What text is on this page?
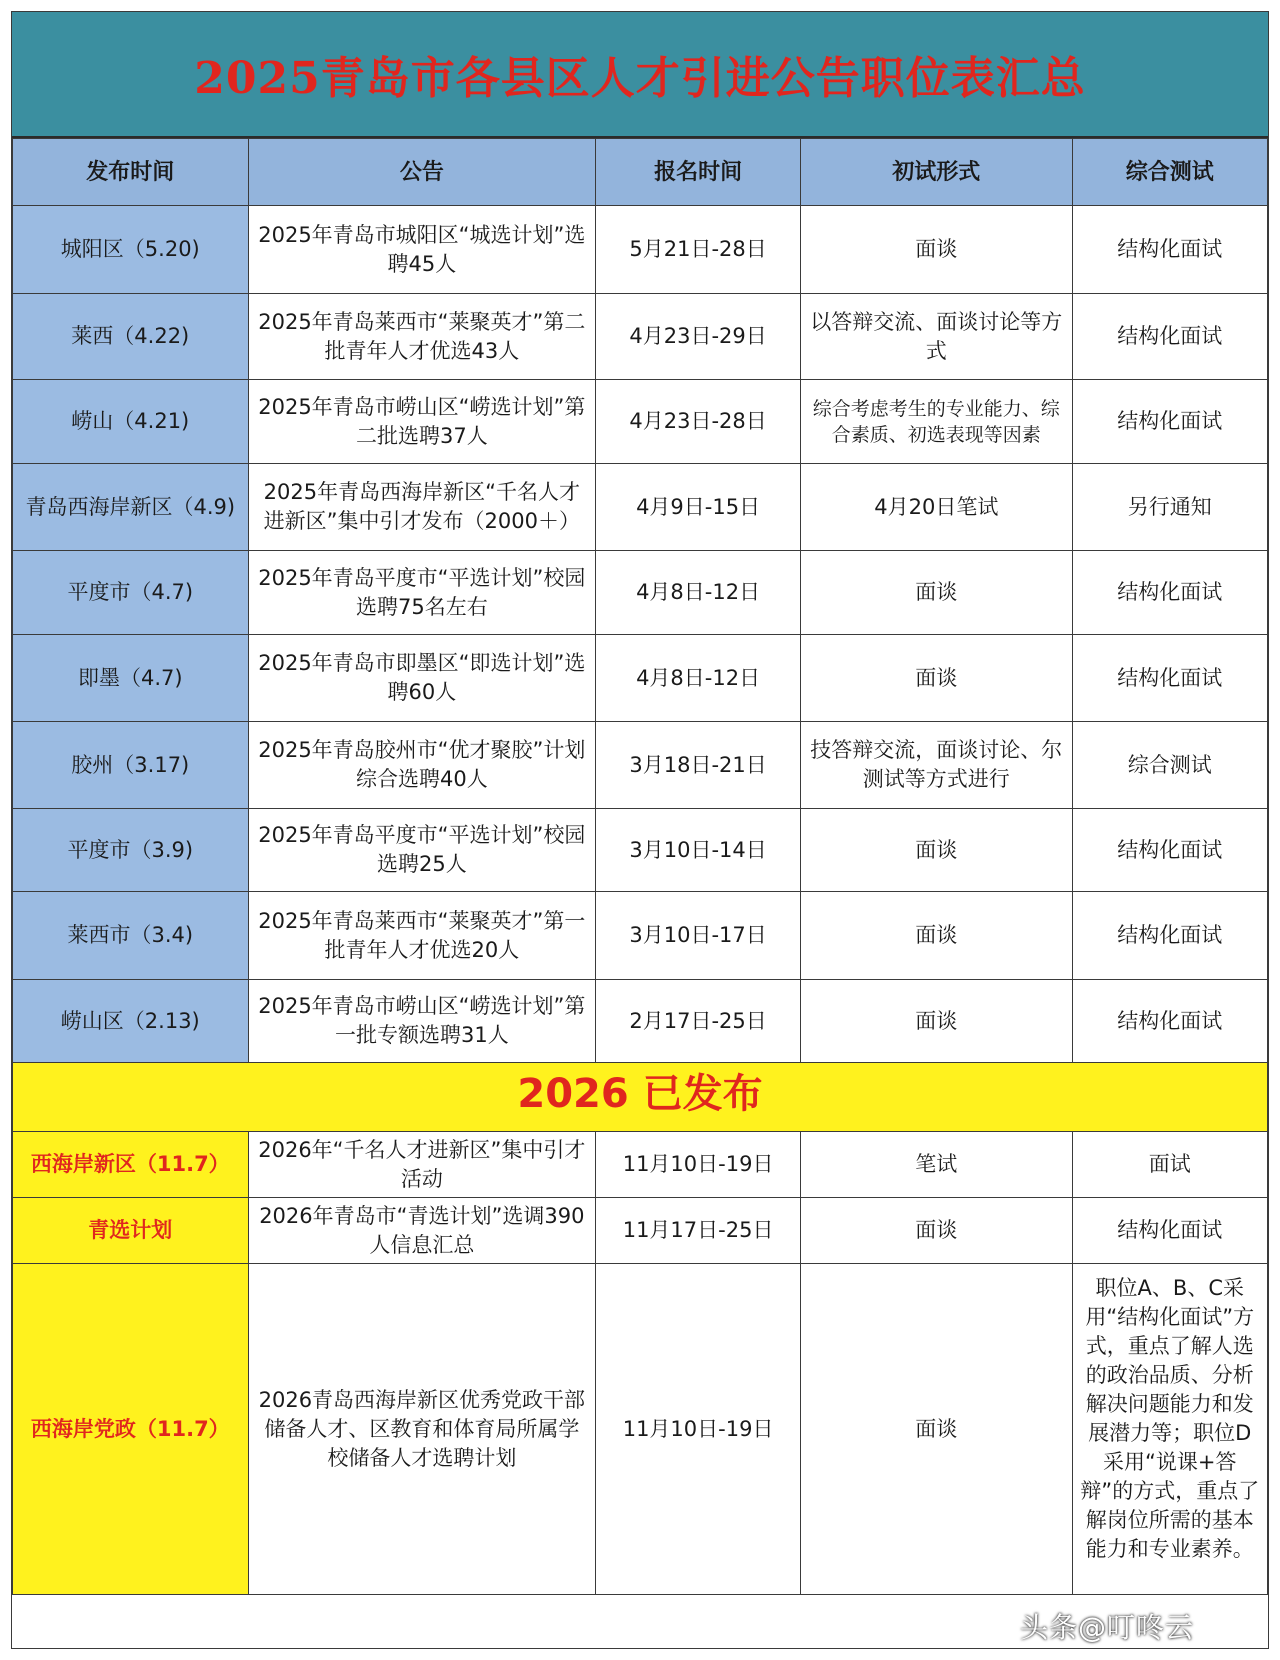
2025青岛市各县区人才引进公告职位表汇总
发布时间	公告	报名时间	初试形式	综合测试
城阳区（5.20)	2025年青岛市城阳区“城选计划”选聘45人	5月21日-28日	面谈	结构化面试
莱西（4.22)	2025年青岛莱西市“莱聚英才”第二批青年人才优选43人	4月23日-29日	以答辩交流、面谈讨论等方式	结构化面试
崂山（4.21)	2025年青岛市崂山区“崂选计划”第二批选聘37人	4月23日-28日	综合考虑考生的专业能力、综合素质、初选表现等因素	结构化面试
青岛西海岸新区（4.9)	2025年青岛西海岸新区“千名人才进新区”集中引才发布（2000＋）	4月9日-15日	4月20日笔试	另行通知
平度市（4.7)	2025年青岛平度市“平选计划”校园选聘75名左右	4月8日-12日	面谈	结构化面试
即墨（4.7)	2025年青岛市即墨区“即选计划”选聘60人	4月8日-12日	面谈	结构化面试
胶州（3.17)	2025年青岛胶州市“优才聚胶”计划综合选聘40人	3月18日-21日	技答辩交流，面谈讨论、尔测试等方式进行	综合测试
平度市（3.9)	2025年青岛平度市“平选计划”校园选聘25人	3月10日-14日	面谈	结构化面试
莱西市（3.4)	2025年青岛莱西市“莱聚英才”第一批青年人才优选20人	3月10日-17日	面谈	结构化面试
崂山区（2.13)	2025年青岛市崂山区“崂选计划”第一批专额选聘31人	2月17日-25日	面谈	结构化面试
2026 已发布				
西海岸新区（11.7）	2026年“千名人才进新区”集中引才活动	11月10日-19日	笔试	面试
青选计划	2026年青岛市“青选计划”选调390人信息汇总	11月17日-25日	面谈	结构化面试
西海岸党政（11.7）	2026青岛西海岸新区优秀党政干部储备人才、区教育和体育局所属学校储备人才选聘计划	11月10日-19日	面谈	职位A、B、C采用“结构化面试”方式，重点了解人选的政治品质、分析解决问题能力和发展潜力等；职位D采用“说课+答辩”的方式，重点了解岗位所需的基本能力和专业素养。
头条@叮咚云
